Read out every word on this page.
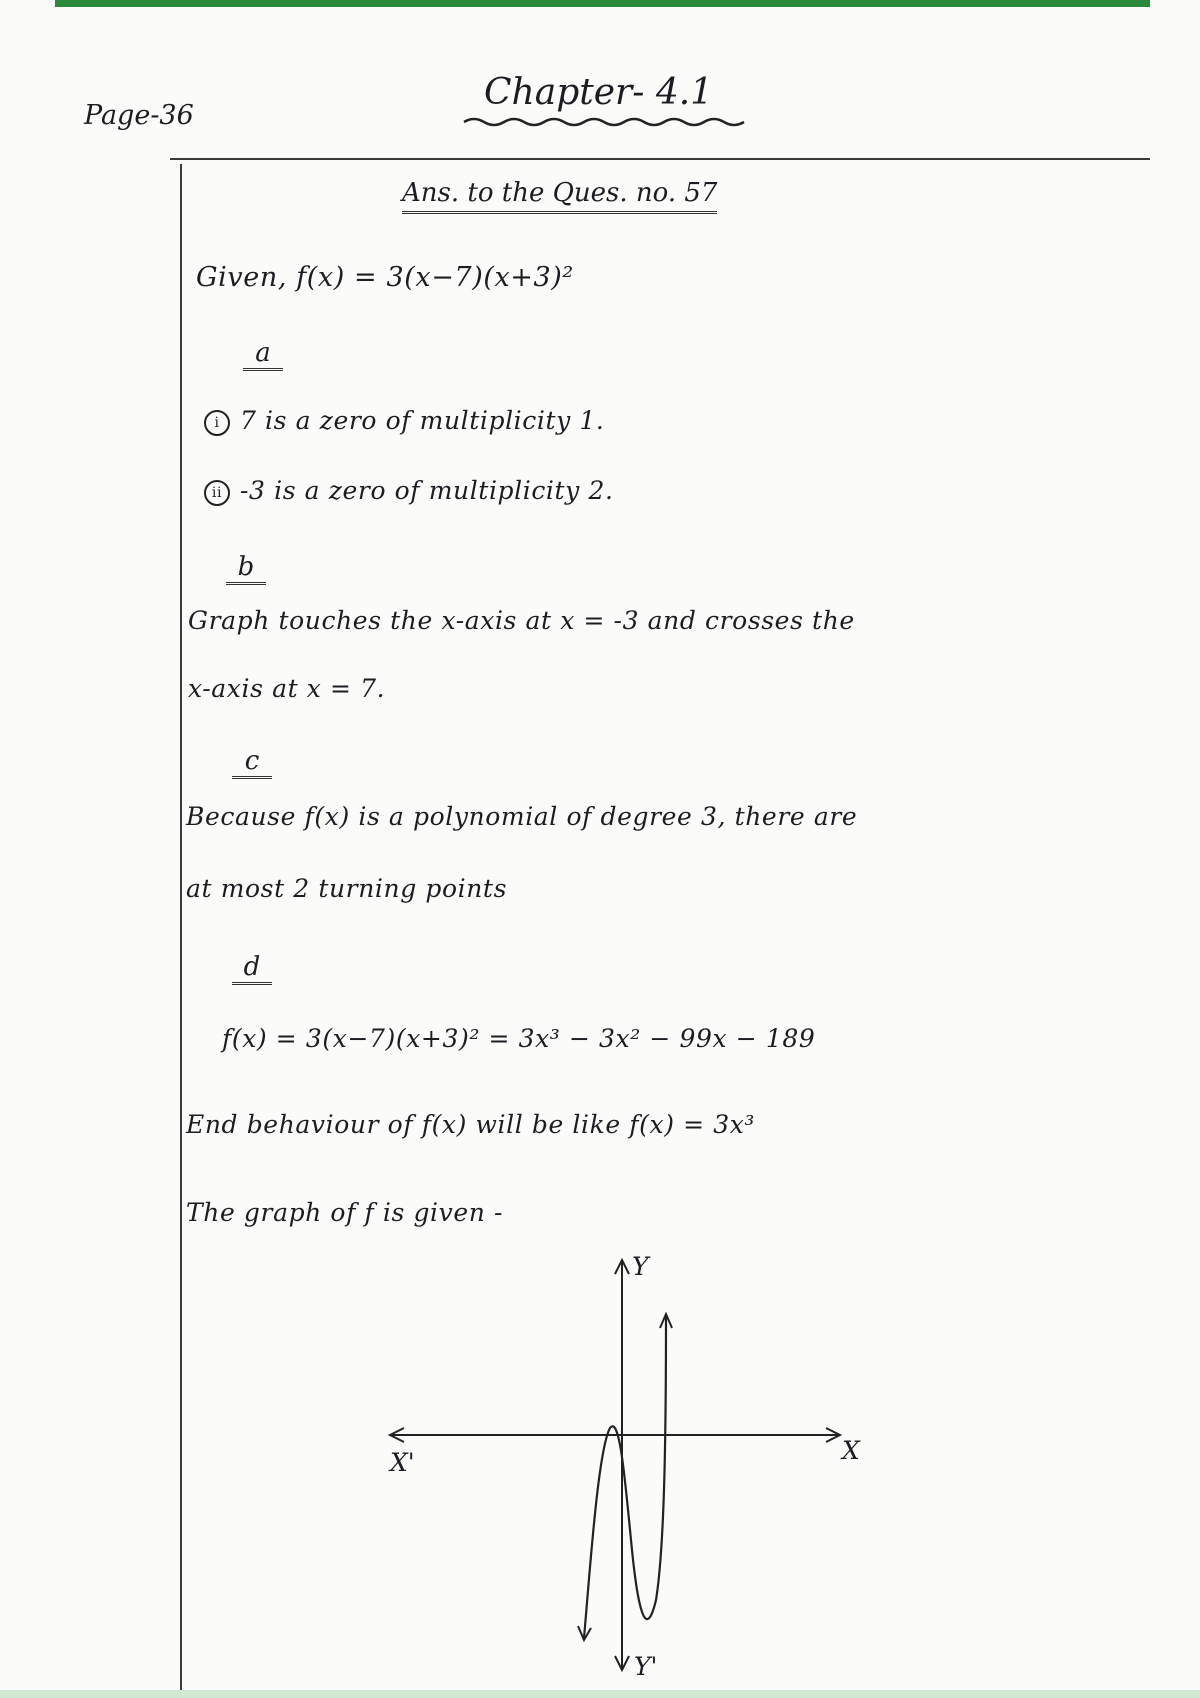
Page-36
Chapter- 4.1
Ans. to the Ques. no. 57
Given, f(x) = 3(x−7)(x+3)²
a
i 7 is a zero of multiplicity 1.
ii -3 is a zero of multiplicity 2.
b
Graph touches the x-axis at x = -3 and crosses the
x-axis at x = 7.
c
Because f(x) is a polynomial of degree 3, there are
at most 2 turning points
d
f(x) = 3(x−7)(x+3)² = 3x³ − 3x² − 99x − 189
End behaviour of f(x) will be like f(x) = 3x³
The graph of f is given -
Y
Y'
X
X'
